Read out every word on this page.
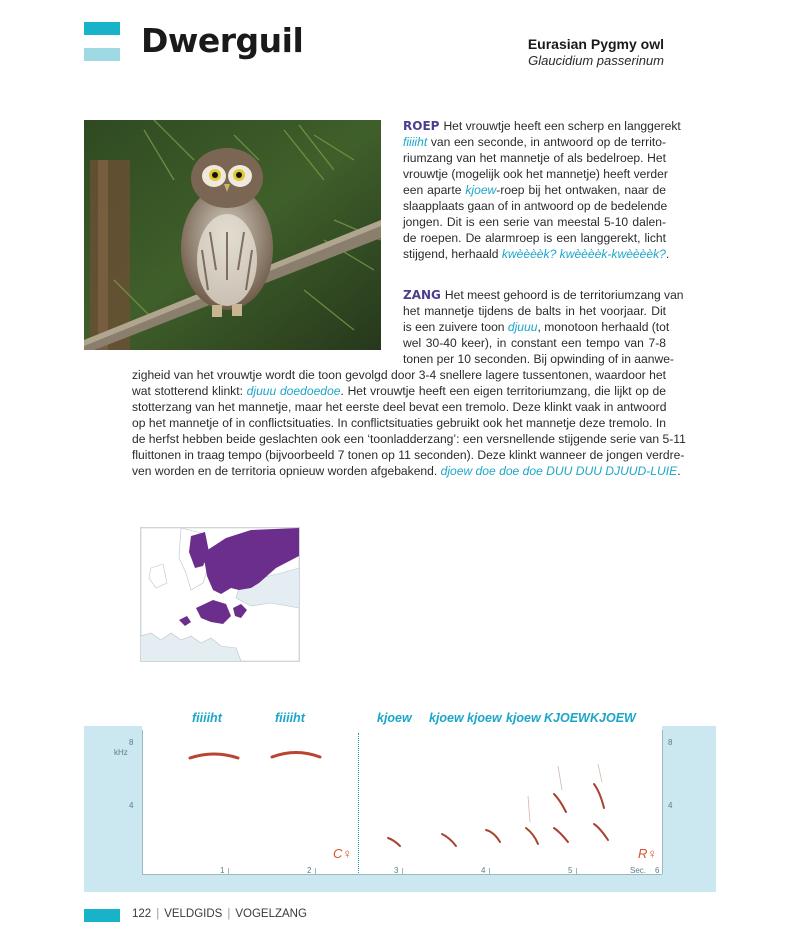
Dwerguil	Eurasian Pygmy owl
Glaucidium passerinum
ROEP Het vrouwtje heeft een scherp en langgerekt
fiiiiht van een seconde, in antwoord op de territo-
riumzang van het mannetje of als bedelroep. Het
vrouwtje (mogelijk ook het mannetje) heeft verder
een aparte kjoew-roep bij het ontwaken, naar de
slaapplaats gaan of in antwoord op de bedelende
jongen. Dit is een serie van meestal 5-10 dalen-
de roepen. De alarmroep is een langgerekt, licht
stijgend, herhaald kwèèèèk? kwèèèèk-kwèèèèk?.
ZANG Het meest gehoord is de territoriumzang van
het mannetje tijdens de balts in het voorjaar. Dit
is een zuivere toon djuuu, monotoon herhaald (tot
wel 30-40 keer), in constant een tempo van 7-8
tonen per 10 seconden. Bij opwinding of in aanwe-
zigheid van het vrouwtje wordt die toon gevolgd door 3-4 snellere lagere tussentonen, waardoor het
wat stotterend klinkt: djuuu doedoedoe. Het vrouwtje heeft een eigen territoriumzang, die lijkt op de
stotterzang van het mannetje, maar het eerste deel bevat een tremolo. Deze klinkt vaak in antwoord
op het mannetje of in conflictsituaties. In conflictsituaties gebruikt ook het mannetje deze tremolo. In
de herfst hebben beide geslachten ook een ‘toonladderzang’: een versnellende stijgende serie van 5-11
fluittonen in traag tempo (bijvoorbeeld 7 tonen op 11 seconden). Deze klinkt wanneer de jongen verdre-
ven worden en de territoria opnieuw worden afgebakend. djoew doe doe doe DUU DUU DJUUD-LUIE.
kHz
8
4
8
4
1	2	3	4	5	Sec. 6
fiiiiht	fiiiiht	kjoew kjoew kjoew kjoew KJOEW KJOEW
C♀	R♀
122 | VELDGIDS | VOGELZANG
